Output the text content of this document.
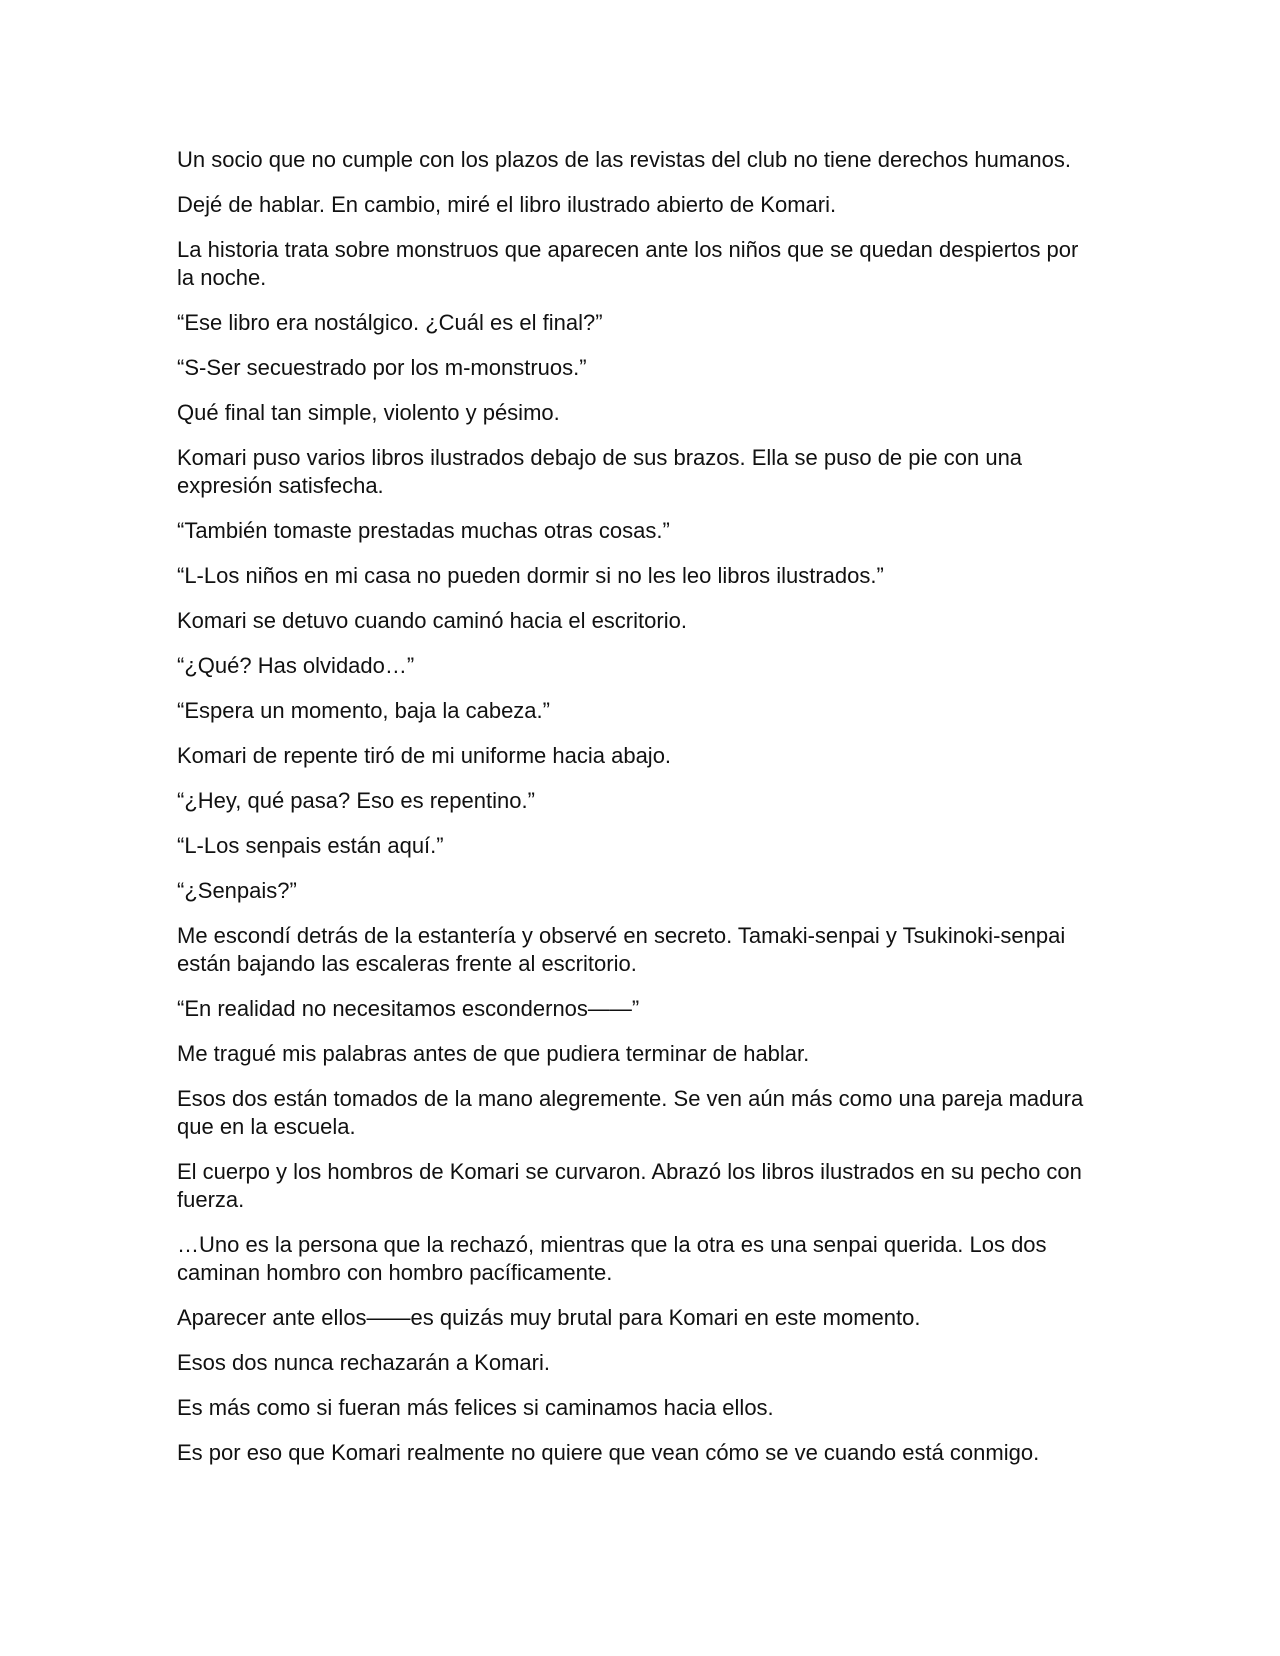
Un socio que no cumple con los plazos de las revistas del club no tiene derechos humanos.

Dejé de hablar. En cambio, miré el libro ilustrado abierto de Komari.

La historia trata sobre monstruos que aparecen ante los niños que se quedan despiertos por la noche.

“Ese libro era nostálgico. ¿Cuál es el final?”

“S-Ser secuestrado por los m-monstruos.”

Qué final tan simple, violento y pésimo.

Komari puso varios libros ilustrados debajo de sus brazos. Ella se puso de pie con una expresión satisfecha.

“También tomaste prestadas muchas otras cosas.”

“L-Los niños en mi casa no pueden dormir si no les leo libros ilustrados.”

Komari se detuvo cuando caminó hacia el escritorio.

“¿Qué? Has olvidado…”

“Espera un momento, baja la cabeza.”

Komari de repente tiró de mi uniforme hacia abajo.

“¿Hey, qué pasa? Eso es repentino.”

“L-Los senpais están aquí.”

“¿Senpais?”

Me escondí detrás de la estantería y observé en secreto. Tamaki-senpai y Tsukinoki-senpai están bajando las escaleras frente al escritorio.

“En realidad no necesitamos escondernos——”

Me tragué mis palabras antes de que pudiera terminar de hablar.

Esos dos están tomados de la mano alegremente. Se ven aún más como una pareja madura que en la escuela.

El cuerpo y los hombros de Komari se curvaron. Abrazó los libros ilustrados en su pecho con fuerza.

…Uno es la persona que la rechazó, mientras que la otra es una senpai querida. Los dos caminan hombro con hombro pacíficamente.

Aparecer ante ellos——es quizás muy brutal para Komari en este momento.

Esos dos nunca rechazarán a Komari.

Es más como si fueran más felices si caminamos hacia ellos.

Es por eso que Komari realmente no quiere que vean cómo se ve cuando está conmigo.
